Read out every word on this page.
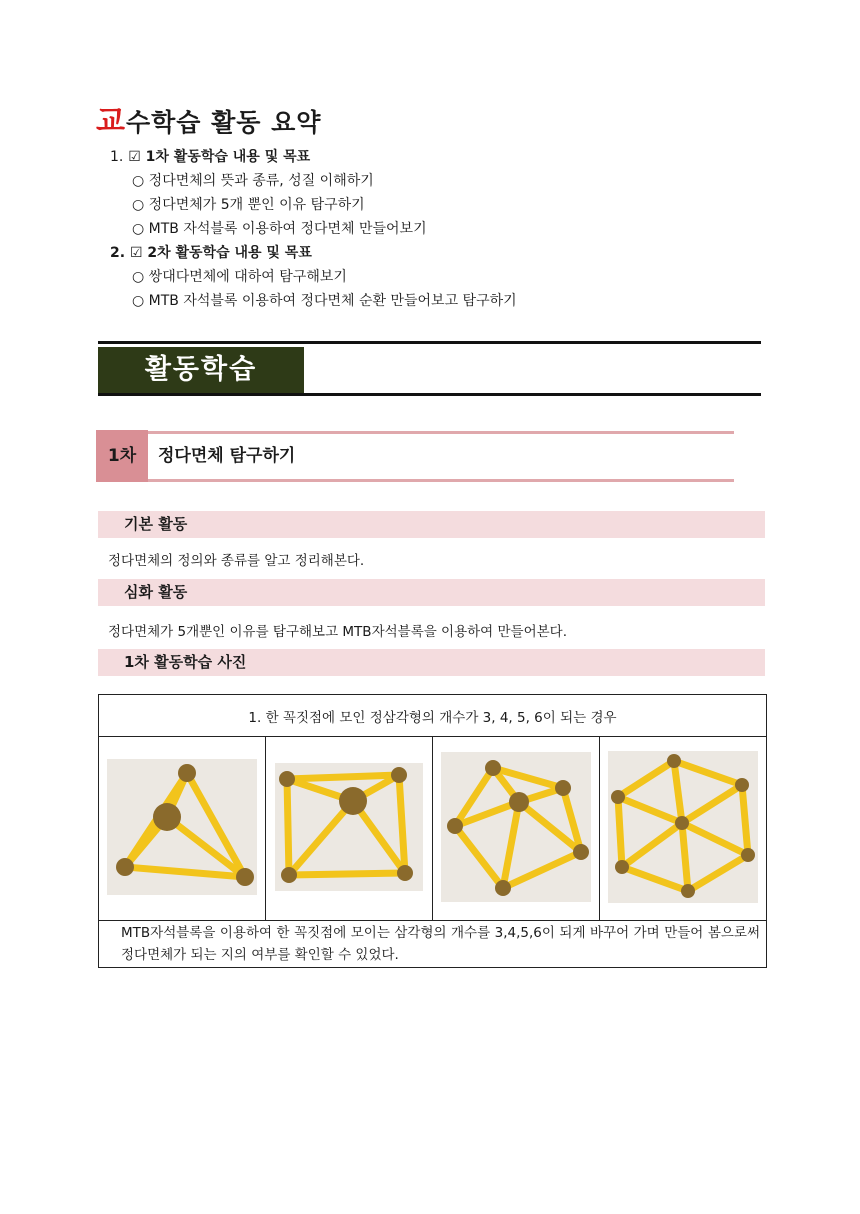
교수학습 활동 요약
1. ☑ 1차 활동학습 내용 및 목표
○ 정다면체의 뜻과 종류, 성질 이해하기
○ 정다면체가 5개 뿐인 이유 탐구하기
○ MTB 자석블록 이용하여 정다면체 만들어보기
2. ☑ 2차 활동학습 내용 및 목표
○ 쌍대다면체에 대하여 탐구해보기
○ MTB 자석블록 이용하여 정다면체 순환 만들어보고 탐구하기
활동학습
1차	정다면체 탐구하기
기본 활동
정다면체의 정의와 종류를 알고 정리해본다.
심화 활동
정다면체가 5개뿐인 이유를 탐구해보고 MTB자석블록을 이용하여 만들어본다.
1차 활동학습 사진
1. 한 꼭짓점에 모인 정삼각형의 개수가 3, 4, 5, 6이 되는 경우

MTB자석블록을 이용하여 한 꼭짓점에 모이는 삼각형의 개수를 3,4,5,6이 되게 바꾸어 가며 만들어 봄으로써 정다면체가 되는 지의 여부를 확인할 수 있었다.
